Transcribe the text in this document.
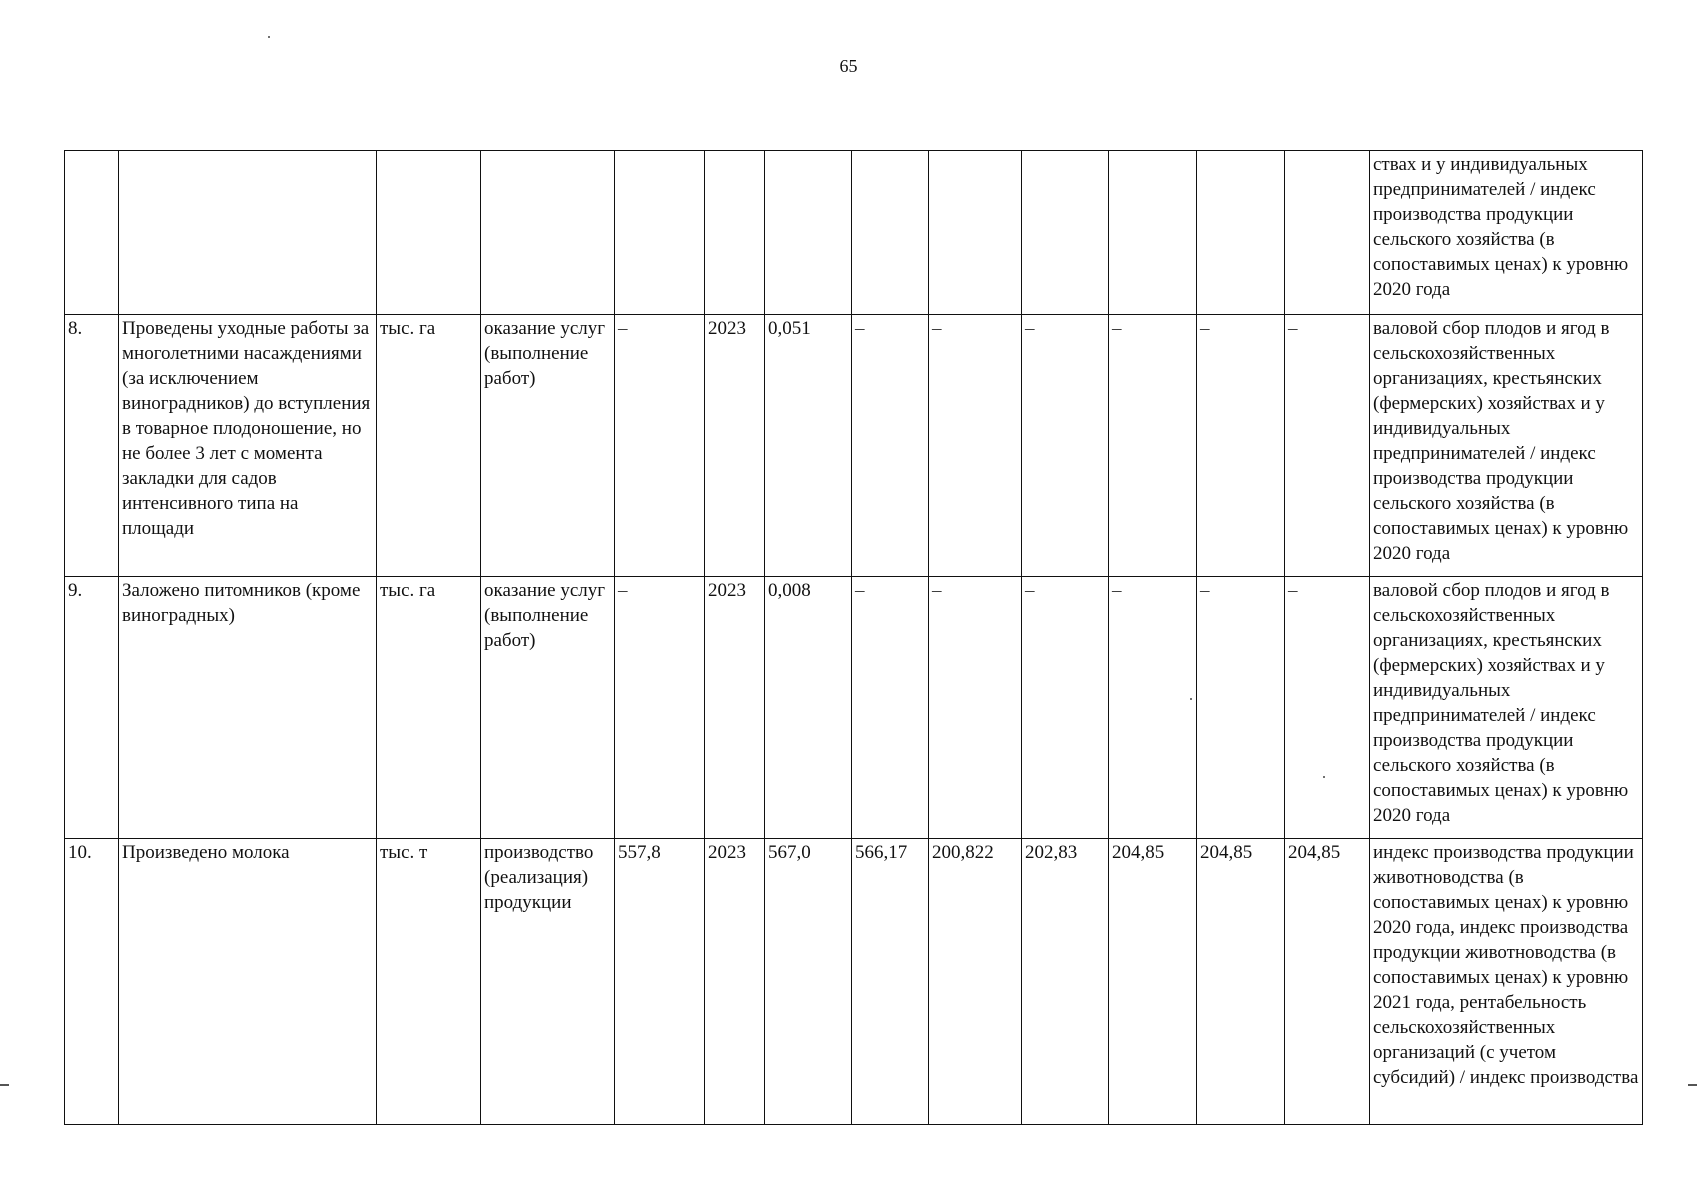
65
													ствах и у индивидуальных предпринимателей / индекс производства продукции сельского хозяйства (в сопоставимых ценах) к уровню 2020 года
8.	Проведены уходные работы за многолетними насаждениями (за исключением виноградников) до вступления в товарное плодоношение, но не более 3 лет с момента закладки для садов интенсивного типа на площади	тыс. га	оказание услуг (выполнение работ)	–	2023	0,051	–	–	–	–	–	–	валовой сбор плодов и ягод в сельскохозяйственных организациях, крестьянских (фермерских) хозяйствах и у индивидуальных предпринимателей / индекс производства продукции сельского хозяйства (в сопоставимых ценах) к уровню 2020 года
9.	Заложено питомников (кроме виноградных)	тыс. га	оказание услуг (выполнение работ)	–	2023	0,008	–	–	–	–	–	–	валовой сбор плодов и ягод в сельскохозяйственных организациях, крестьянских (фермерских) хозяйствах и у индивидуальных предпринимателей / индекс производства продукции сельского хозяйства (в сопоставимых ценах) к уровню 2020 года
10.	Произведено молока	тыс. т	производство (реализация) продукции	557,8	2023	567,0	566,17	200,822	202,83	204,85	204,85	204,85	индекс производства продукции животноводства (в сопоставимых ценах) к уровню 2020 года, индекс производства продукции животноводства (в сопоставимых ценах) к уровню 2021 года, рентабельность сельскохозяйственных организаций (с учетом субсидий) / индекс производства
